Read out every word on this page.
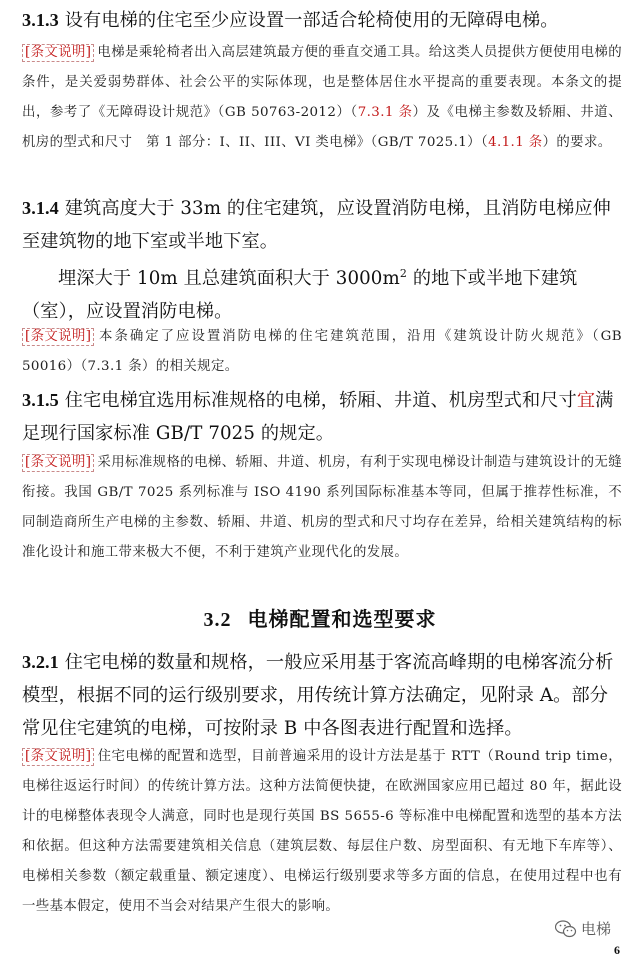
3.1.3 设有电梯的住宅至少应设置一部适合轮椅使用的无障碍电梯。
[条文说明] 电梯是乘轮椅者出入高层建筑最方便的垂直交通工具。给这类人员提供方便使用电梯的条件，是关爱弱势群体、社会公平的实际体现，也是整体居住水平提高的重要表现。本条文的提出，参考了《无障碍设计规范》（GB 50763-2012）（7.3.1 条）及《电梯主参数及轿厢、井道、机房的型式和尺寸　第 1 部分：I、II、III、VI 类电梯》（GB/T 7025.1）（4.1.1 条）的要求。
3.1.4 建筑高度大于 33m 的住宅建筑，应设置消防电梯，且消防电梯应伸至建筑物的地下室或半地下室。
埋深大于 10m 且总建筑面积大于 $3000m^2$ 的地下或半地下建筑（室），应设置消防电梯。
[条文说明] 本条确定了应设置消防电梯的住宅建筑范围，沿用《建筑设计防火规范》（GB 50016）（7.3.1 条）的相关规定。
3.1.5 住宅电梯宜选用标准规格的电梯，轿厢、井道、机房型式和尺寸宜满足现行国家标准 GB/T 7025 的规定。
[条文说明] 采用标准规格的电梯、轿厢、井道、机房，有利于实现电梯设计制造与建筑设计的无缝衔接。我国 GB/T 7025 系列标准与 ISO 4190 系列国际标准基本等同，但属于推荐性标准，不同制造商所生产电梯的主参数、轿厢、井道、机房的型式和尺寸均存在差异，给相关建筑结构的标准化设计和施工带来极大不便，不利于建筑产业现代化的发展。
3.2 电梯配置和选型要求
3.2.1 住宅电梯的数量和规格，一般应采用基于客流高峰期的电梯客流分析模型，根据不同的运行级别要求，用传统计算方法确定，见附录 A。部分常见住宅建筑的电梯，可按附录 B 中各图表进行配置和选择。
[条文说明] 住宅电梯的配置和选型，目前普遍采用的设计方法是基于 RTT（Round trip time，电梯往返运行时间）的传统计算方法。这种方法简便快捷，在欧洲国家应用已超过 80 年，据此设计的电梯整体表现令人满意，同时也是现行英国 BS 5655-6 等标准中电梯配置和选型的基本方法和依据。但这种方法需要建筑相关信息（建筑层数、每层住户数、房型面积、有无地下车库等）、电梯相关参数（额定载重量、额定速度）、电梯运行级别要求等多方面的信息，在使用过程中也有一些基本假定，使用不当会对结果产生很大的影响。
电梯
6
